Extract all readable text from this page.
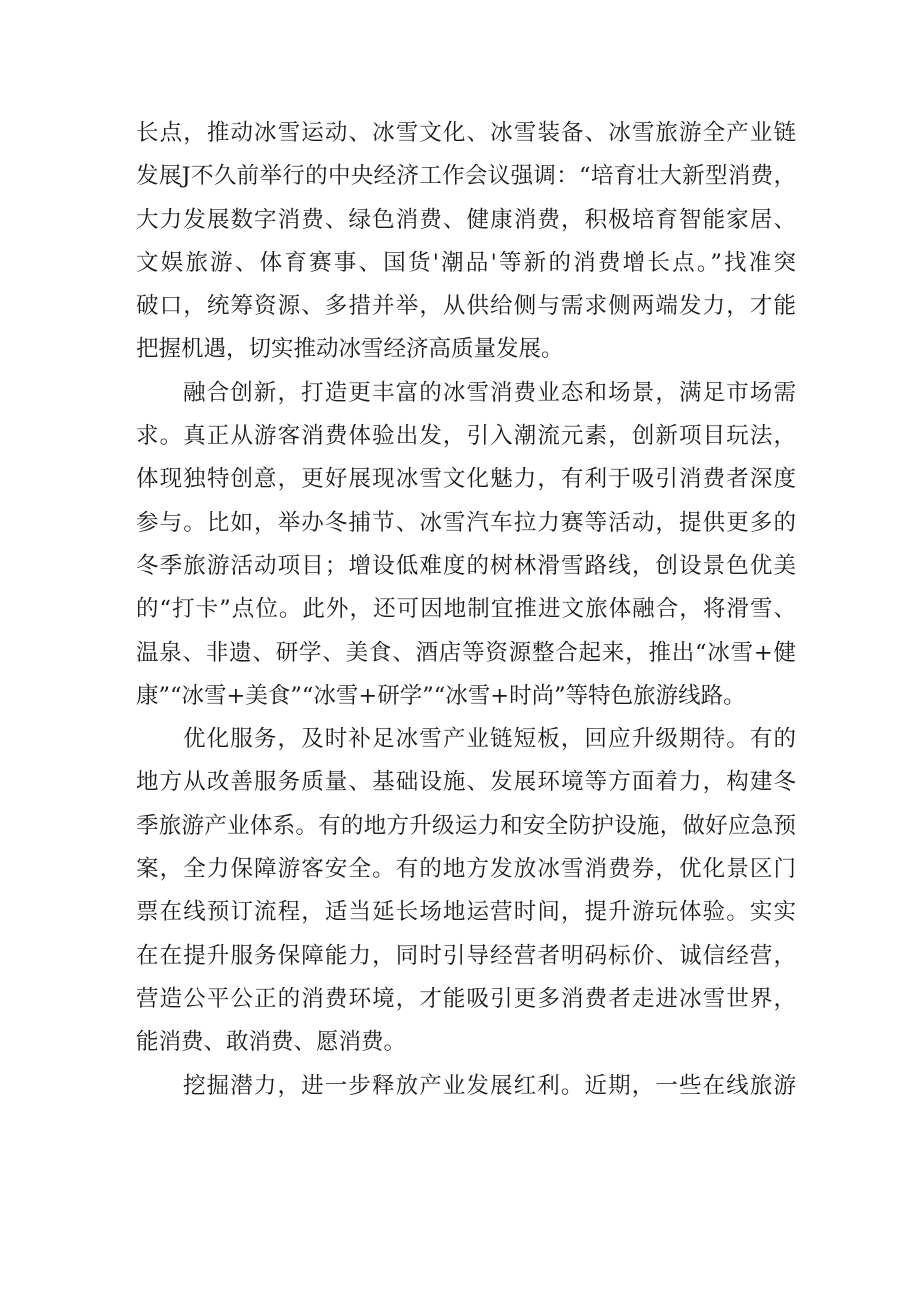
长点，推动冰雪运动、冰雪文化、冰雪装备、冰雪旅游全产业链
发展J不久前举行的中央经济工作会议强调：“培育壮大新型消费，
大力发展数字消费、绿色消费、健康消费，积极培育智能家居、
文娱旅游、体育赛事、国货'潮品'等新的消费增长点。”找准突
破口，统筹资源、多措并举，从供给侧与需求侧两端发力，才能
把握机遇，切实推动冰雪经济高质量发展。
融合创新，打造更丰富的冰雪消费业态和场景，满足市场需
求。真正从游客消费体验出发，引入潮流元素，创新项目玩法，
体现独特创意，更好展现冰雪文化魅力，有利于吸引消费者深度
参与。比如，举办冬捕节、冰雪汽车拉力赛等活动，提供更多的
冬季旅游活动项目；增设低难度的树林滑雪路线，创设景色优美
的“打卡”点位。此外，还可因地制宜推进文旅体融合，将滑雪、
温泉、非遗、研学、美食、酒店等资源整合起来，推出“冰雪+健
康”“冰雪+美食”“冰雪+研学”“冰雪+时尚”等特色旅游线路。
优化服务，及时补足冰雪产业链短板，回应升级期待。有的
地方从改善服务质量、基础设施、发展环境等方面着力，构建冬
季旅游产业体系。有的地方升级运力和安全防护设施，做好应急预
案，全力保障游客安全。有的地方发放冰雪消费券，优化景区门
票在线预订流程，适当延长场地运营时间，提升游玩体验。实实
在在提升服务保障能力，同时引导经营者明码标价、诚信经营，
营造公平公正的消费环境，才能吸引更多消费者走进冰雪世界，
能消费、敢消费、愿消费。
挖掘潜力，进一步释放产业发展红利。近期，一些在线旅游
